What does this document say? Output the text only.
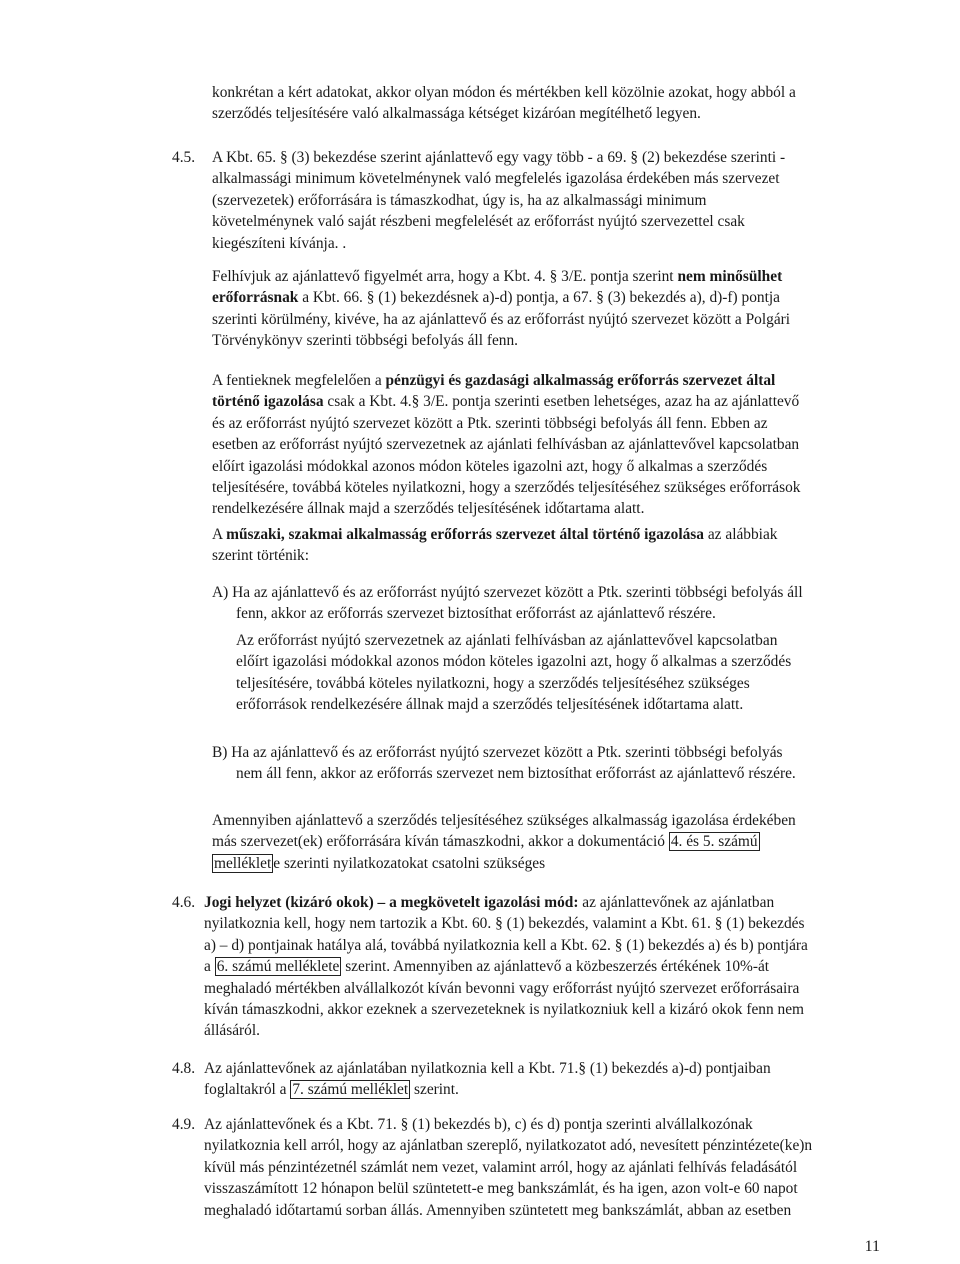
konkrétan a kért adatokat, akkor olyan módon és mértékben kell közölnie azokat, hogy abból a
szerződés teljesítésére való alkalmassága kétséget kizáróan megítélhető legyen.
4.5. A Kbt. 65. § (3) bekezdése szerint ajánlattevő egy vagy több - a 69. § (2) bekezdése szerinti -
alkalmassági minimum követelménynek való megfelelés igazolása érdekében más szervezet
(szervezetek) erőforrására is támaszkodhat, úgy is, ha az alkalmassági minimum
követelménynek való saját részbeni megfelelését az erőforrást nyújtó szervezettel csak
kiegészíteni kívánja. .
Felhívjuk az ajánlattevő figyelmét arra, hogy a Kbt. 4. § 3/E. pontja szerint nem minősülhet
erőforrásnak a Kbt. 66. § (1) bekezdésnek a)-d) pontja, a 67. § (3) bekezdés a), d)-f) pontja
szerinti körülmény, kivéve, ha az ajánlattevő és az erőforrást nyújtó szervezet között a Polgári
Törvénykönyv szerinti többségi befolyás áll fenn.
A fentieknek megfelelően a pénzügyi és gazdasági alkalmasság erőforrás szervezet által
történő igazolása csak a Kbt. 4.§ 3/E. pontja szerinti esetben lehetséges, azaz ha az ajánlattevő
és az erőforrást nyújtó szervezet között a Ptk. szerinti többségi befolyás áll fenn. Ebben az
esetben az erőforrást nyújtó szervezetnek az ajánlati felhívásban az ajánlattevővel kapcsolatban
előírt igazolási módokkal azonos módon köteles igazolni azt, hogy ő alkalmas a szerződés
teljesítésére, továbbá köteles nyilatkozni, hogy a szerződés teljesítéséhez szükséges erőforrások
rendelkezésére állnak majd a szerződés teljesítésének időtartama alatt.
A műszaki, szakmai alkalmasság erőforrás szervezet által történő igazolása az alábbiak
szerint történik:
A) Ha az ajánlattevő és az erőforrást nyújtó szervezet között a Ptk. szerinti többségi befolyás áll
fenn, akkor az erőforrás szervezet biztosíthat erőforrást az ajánlattevő részére.
Az erőforrást nyújtó szervezetnek az ajánlati felhívásban az ajánlattevővel kapcsolatban
előírt igazolási módokkal azonos módon köteles igazolni azt, hogy ő alkalmas a szerződés
teljesítésére, továbbá köteles nyilatkozni, hogy a szerződés teljesítéséhez szükséges
erőforrások rendelkezésére állnak majd a szerződés teljesítésének időtartama alatt.
B) Ha az ajánlattevő és az erőforrást nyújtó szervezet között a Ptk. szerinti többségi befolyás
nem áll fenn, akkor az erőforrás szervezet nem biztosíthat erőforrást az ajánlattevő részére.
Amennyiben ajánlattevő a szerződés teljesítéséhez szükséges alkalmasság igazolása érdekében
más szervezet(ek) erőforrására kíván támaszkodni, akkor a dokumentáció 4. és 5. számú
melléklet e szerinti nyilatkozatokat csatolni szükséges
4.6. Jogi helyzet (kizáró okok) – a megkövetelt igazolási mód: az ajánlattevőnek az ajánlatban
nyilatkoznia kell, hogy nem tartozik a Kbt. 60. § (1) bekezdés, valamint a Kbt. 61. § (1) bekezdés
a) – d) pontjainak hatálya alá, továbbá nyilatkoznia kell a Kbt. 62. § (1) bekezdés a) és b) pontjára
a 6. számú melléklete szerint. Amennyiben az ajánlattevő a közbeszerzés értékének 10%-át
meghaladó mértékben alvállalkozót kíván bevonni vagy erőforrást nyújtó szervezet erőforrásaira
kíván támaszkodni, akkor ezeknek a szervezeteknek is nyilatkozniuk kell a kizáró okok fenn nem
állásáról.
4.8. Az ajánlattevőnek az ajánlatában nyilatkoznia kell a Kbt. 71.§ (1) bekezdés a)-d) pontjaiban
foglaltakról a 7. számú melléklet szerint.
4.9. Az ajánlattevőnek és a Kbt. 71. § (1) bekezdés b), c) és d) pontja szerinti alvállalkozónak
nyilatkoznia kell arról, hogy az ajánlatban szereplő, nyilatkozatot adó, nevesített pénzintézete(ke)n
kívül más pénzintézetnél számlát nem vezet, valamint arról, hogy az ajánlati felhívás feladásától
visszaszámított 12 hónapon belül szüntetett-e meg bankszámlát, és ha igen, azon volt-e 60 napot
meghaladó időtartamú sorban állás. Amennyiben szüntetett meg bankszámlát, abban az esetben
11
